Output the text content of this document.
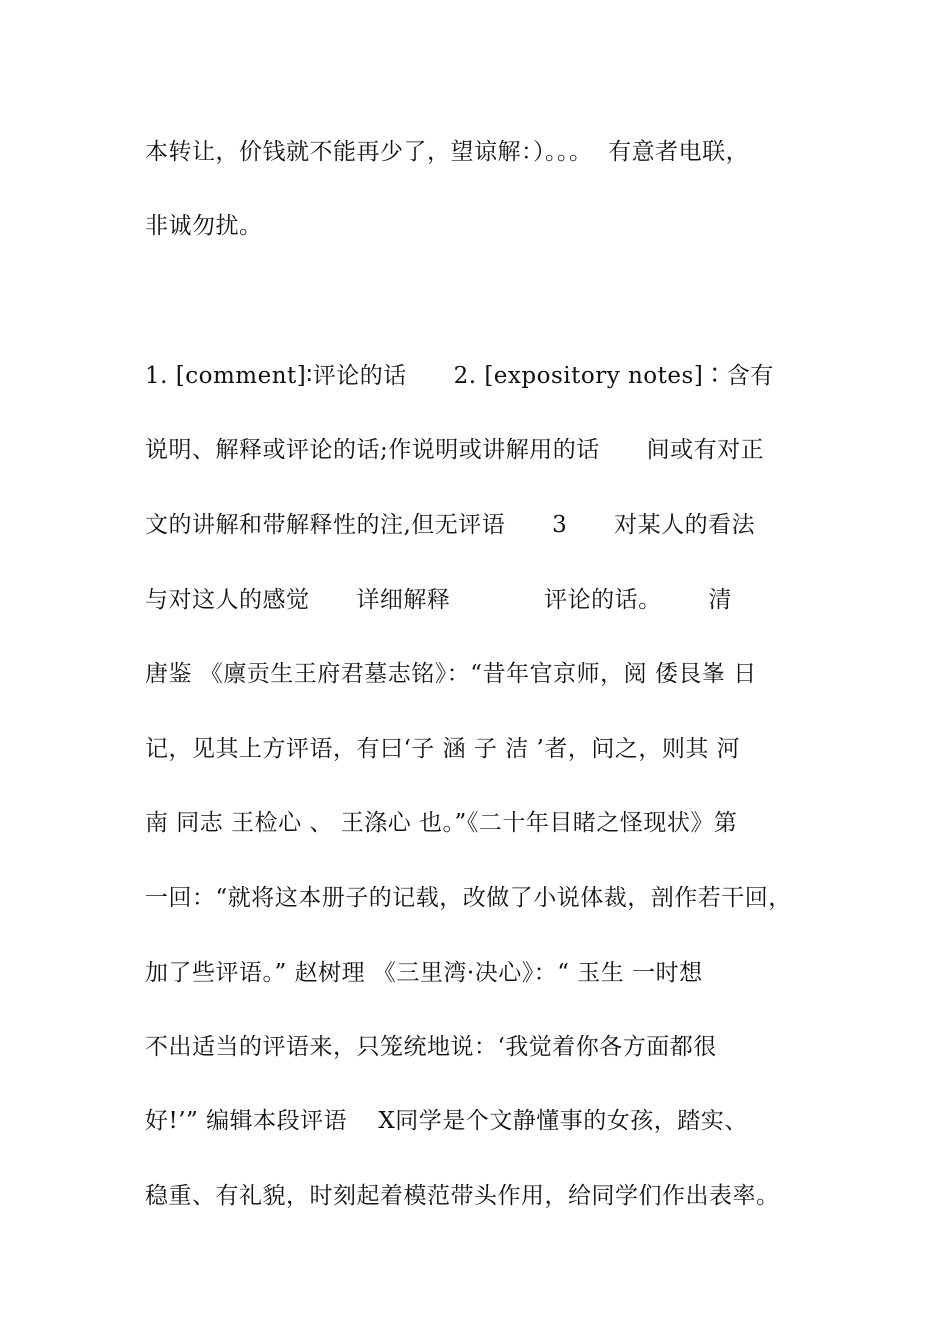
本转让，价钱就不能再少了，望谅解：）。。。  有意者电联，
非诚勿扰。
1. [comment]∶评论的话      2. [expository notes]∶含有
说明、解释或评论的话;作说明或讲解用的话      间或有对正
文的讲解和带解释性的注,但无评语      3      对某人的看法
与对这人的感觉      详细解释            评论的话。      清
唐鉴 《廪贡生王府君墓志铭》：“昔年官京师，阅 倭艮峯 日
记，见其上方评语，有曰‘子 涵 子 洁 ’者，问之，则其 河
南 同志 王检心 、 王涤心 也。”《二十年目睹之怪现状》第
一回：“就将这本册子的记载，改做了小说体裁，剖作若干回，
加了些评语。” 赵树理 《三里湾·决心》：“ 玉生 一时想
不出适当的评语来，只笼统地说：‘我觉着你各方面都很
好!’” 编辑本段评语    X同学是个文静懂事的女孩，踏实、
稳重、有礼貌，时刻起着模范带头作用，给同学们作出表率。
